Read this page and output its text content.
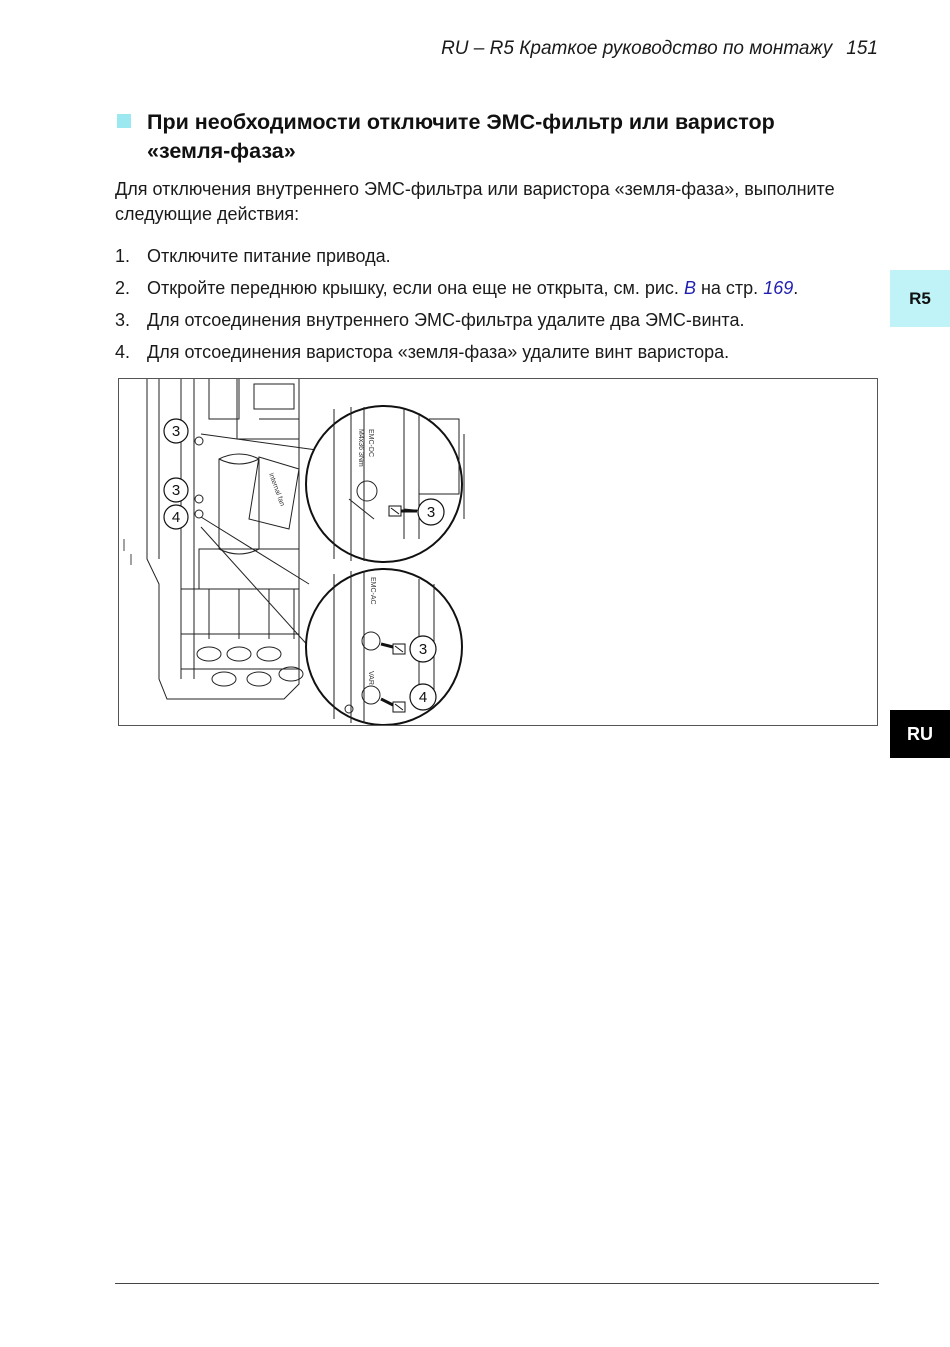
RU – R5 Краткое руководство по монтажу 151
При необходимости отключите ЭМС-фильтр или варистор «земля-фаза»
Для отключения внутреннего ЭМС-фильтра или варистора «земля-фаза», выполните следующие действия:
1. Отключите питание привода.
2. Откройте переднюю крышку, если она еще не открыта, см. рис. B на стр. 169.
3. Для отсоединения внутреннего ЭМС-фильтра удалите два ЭМС-винта.
4. Для отсоединения варистора «земля-фаза» удалите винт варистора.
R5
RU
EMC-DC
M4x36 3Nm
3
EMC-AC
VAR
3
4
3
3
4
internal fan
